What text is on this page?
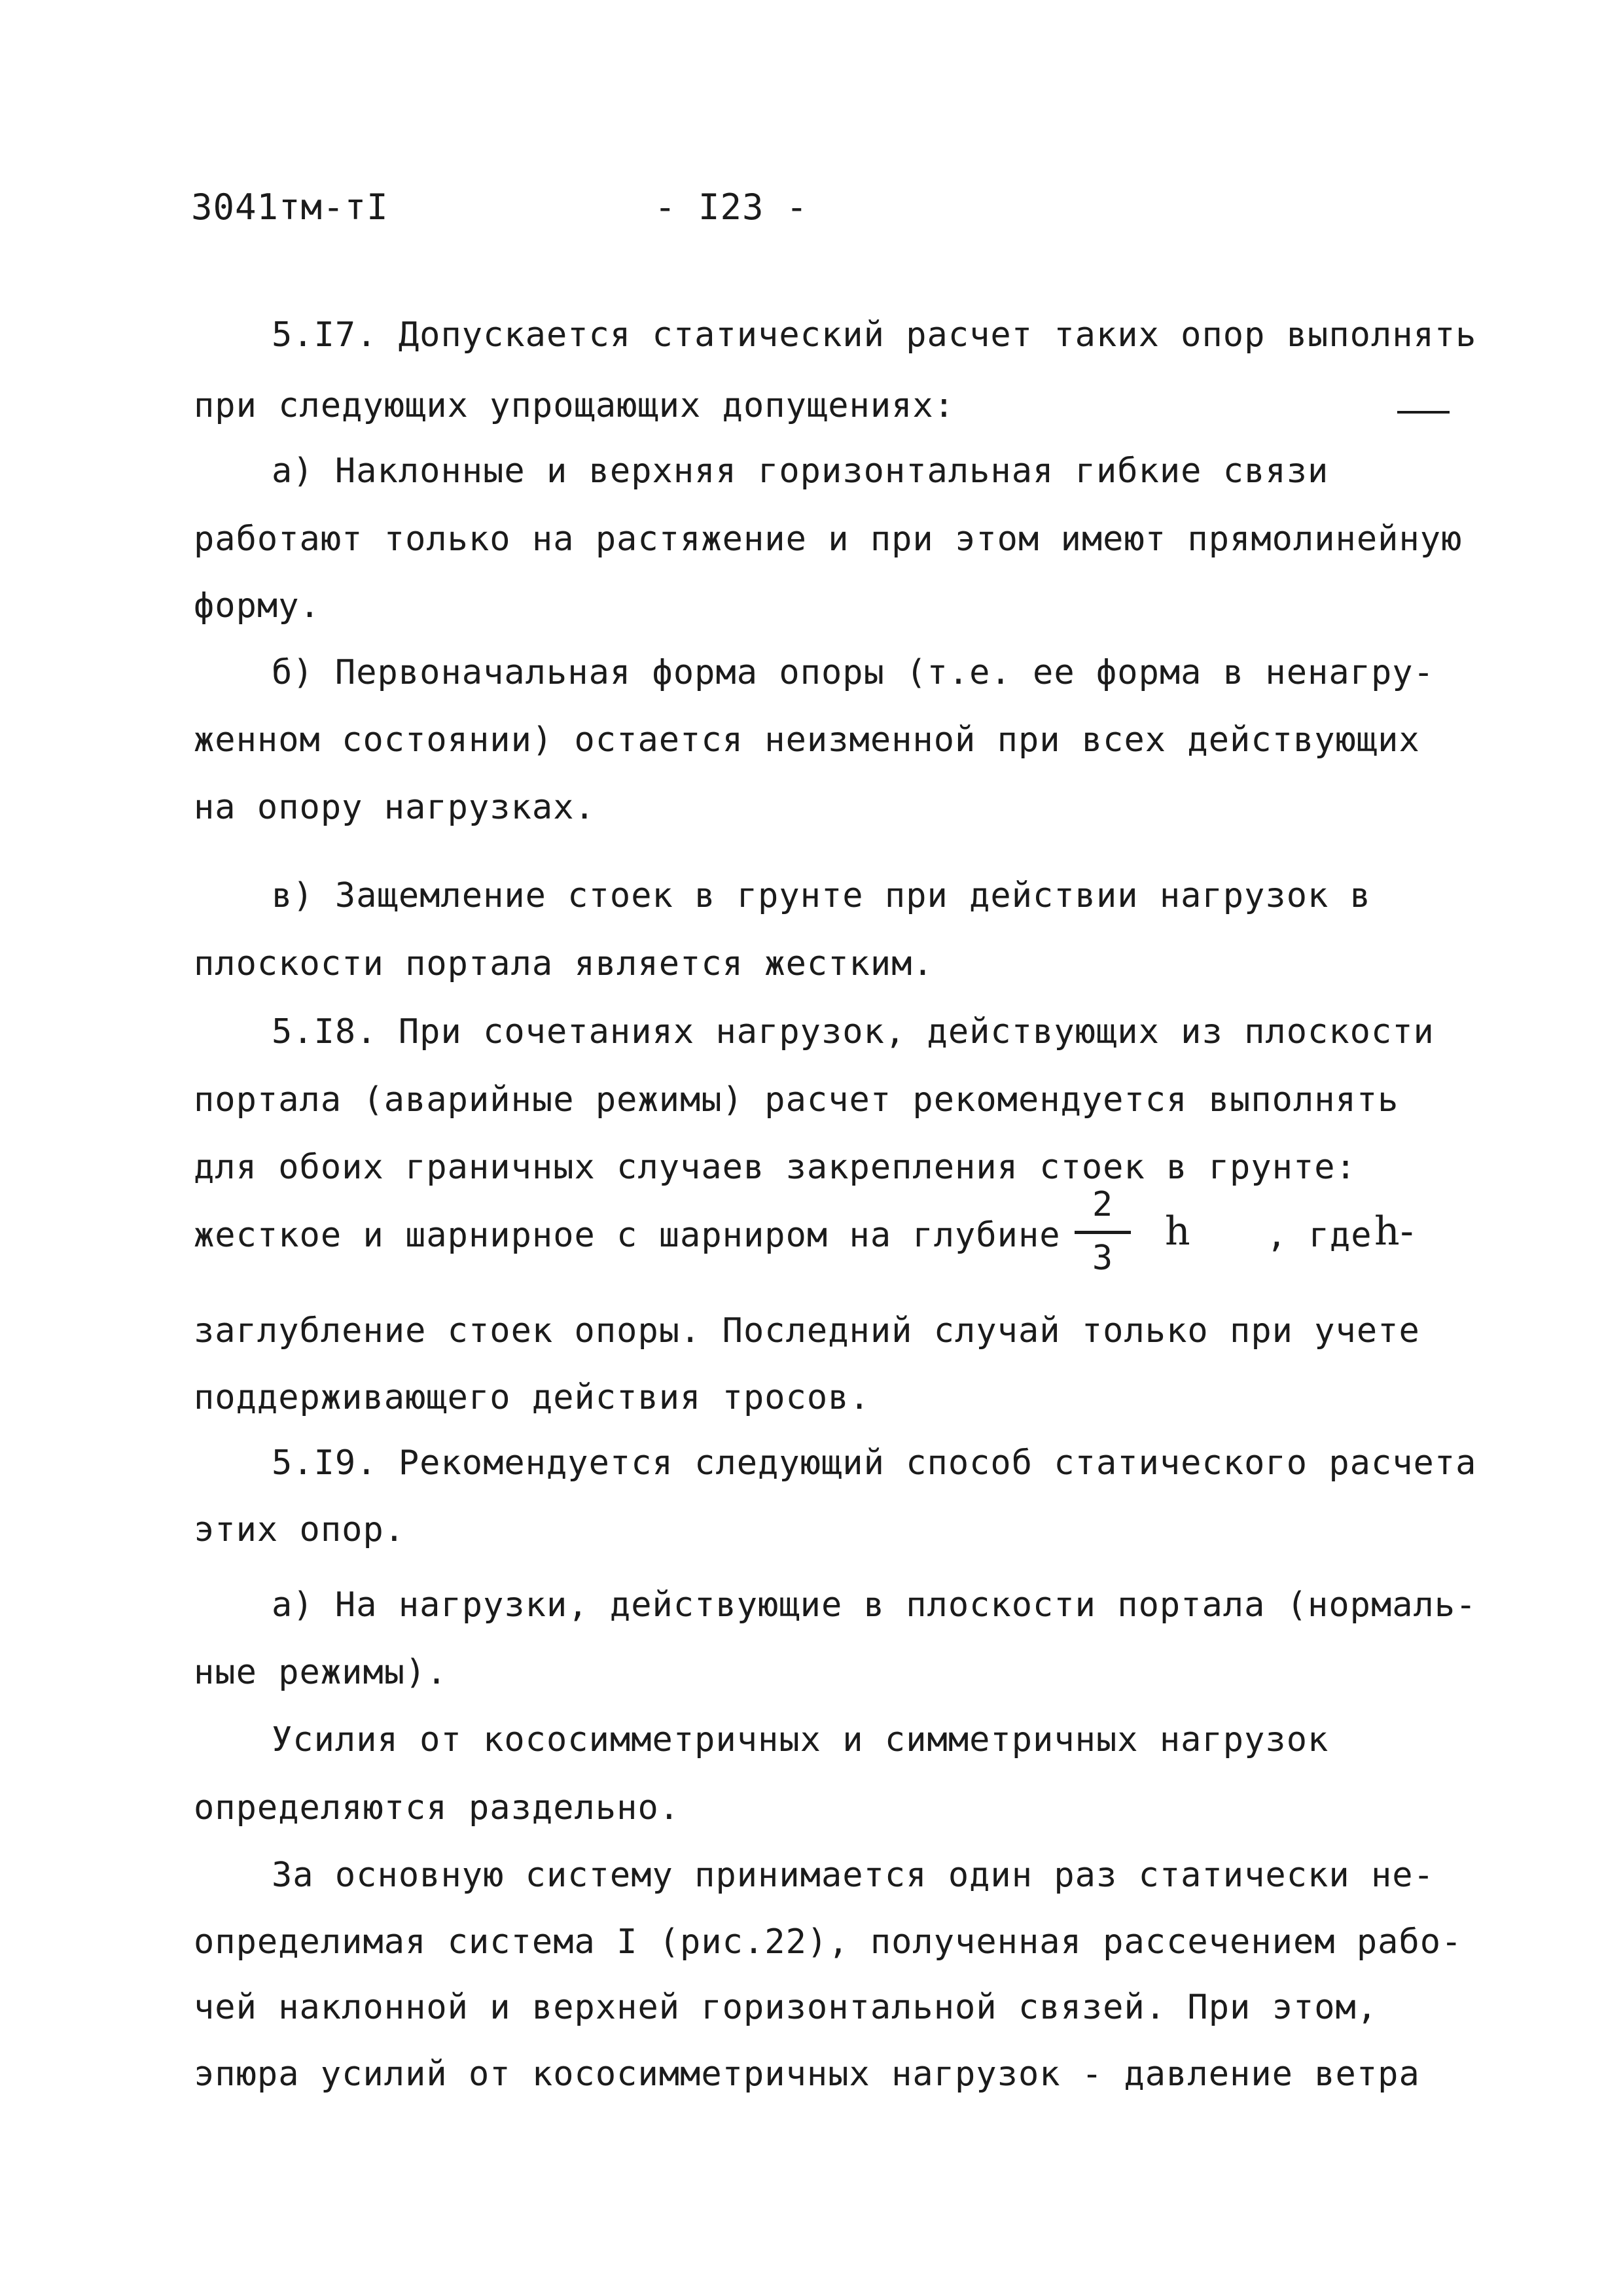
3041тм-тI	- I23 -
5.I7. Допускается статический расчет таких опор выполнять
при следующих упрощающих допущениях:
а) Наклонные и верхняя горизонтальная гибкие связи
работают только на растяжение и при этом имеют прямолинейную
форму.
б) Первоначальная форма опоры (т.е. ее форма в ненагру-
женном состоянии) остается неизменной при всех действующих
на опору нагрузках.
в) Защемление стоек в грунте при действии нагрузок в
плоскости портала является жестким.
5.I8. При сочетаниях нагрузок, действующих из плоскости
портала (аварийные режимы) расчет рекомендуется выполнять
для обоих граничных случаев закрепления стоек в грунте:
жесткое и шарнирное с шарниром на глубине
2
3
h , где h-
заглубление стоек опоры. Последний случай только при учете
поддерживающего действия тросов.
5.I9. Рекомендуется следующий способ статического расчета
этих опор.
а) На нагрузки, действующие в плоскости портала (нормаль-
ные режимы).
Усилия от кососимметричных и симметричных нагрузок
определяются раздельно.
За основную систему принимается один раз статически не-
определимая система I (рис.22), полученная рассечением рабо-
чей наклонной и верхней горизонтальной связей. При этом,
эпюра усилий от кососимметричных нагрузок - давление ветра
